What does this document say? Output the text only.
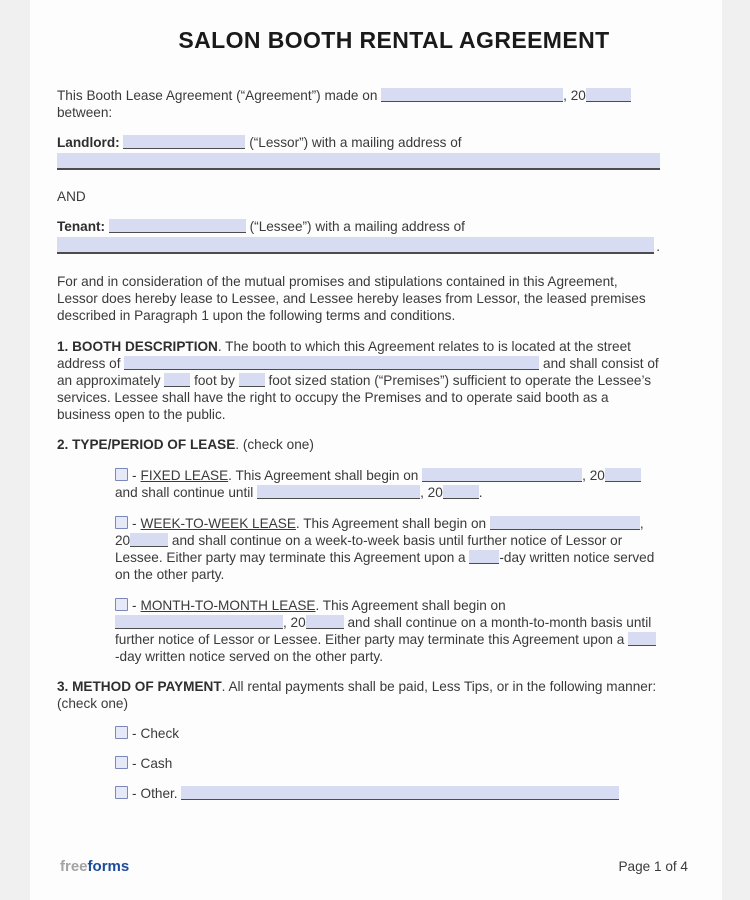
SALON BOOTH RENTAL AGREEMENT

This Booth Lease Agreement (“Agreement”) made on	, 20
between:

Landlord:	(“Lessor”) with a mailing address of

AND

Tenant:	(“Lessee”) with a mailing address of

.

For and in consideration of the mutual promises and stipulations contained in this Agreement, Lessor does hereby lease to Lessee, and Lessee hereby leases from Lessor, the leased premises described in Paragraph 1 upon the following terms and conditions.

1. BOOTH DESCRIPTION. The booth to which this Agreement relates to is located at the street address of	and shall consist of an approximately  foot by  foot sized station (“Premises”) sufficient to operate the Lessee’s services. Lessee shall have the right to occupy the Premises and to operate said booth as a business open to the public.

2. TYPE/PERIOD OF LEASE. (check one)

- FIXED LEASE. This Agreement shall begin on	, 20 and shall continue until	, 20	.

- WEEK-TO-WEEK LEASE. This Agreement shall begin on	,
20	and shall continue on a week-to-week basis until further notice of Lessor or Lessee. Either party may terminate this Agreement upon a -day written notice served on the other party.

- MONTH-TO-MONTH LEASE. This Agreement shall begin on
, 20	and shall continue on a month-to-month basis until further notice of Lessor or Lessee. Either party may terminate this Agreement upon a -day written notice served on the other party.

3. METHOD OF PAYMENT. All rental payments shall be paid, Less Tips, or in the following manner: (check one)

- Check

- Cash

- Other.

freeforms	Page 1 of 4
